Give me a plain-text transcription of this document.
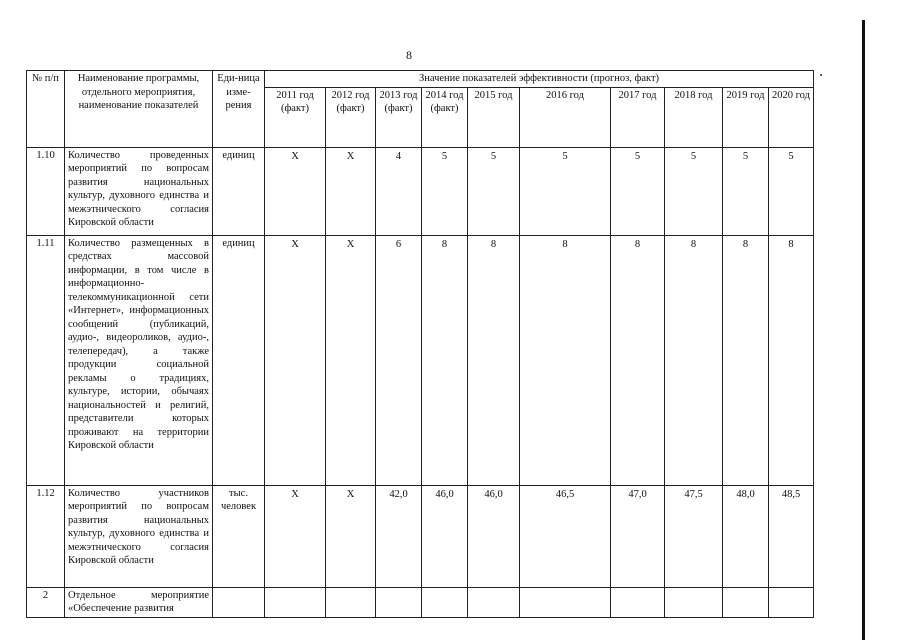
8
№ п/п	Наименование программы, отдельного мероприятия, наименование показателей	Еди-ница изме-рения	Значение показателей эффективности (прогноз, факт)									
			2011 год (факт)	2012 год (факт)	2013 год (факт)	2014 год (факт)	2015 год	2016 год	2017 год	2018 год	2019 год	2020 год
1.10	Количество проведенных мероприятий по вопросам развития национальных культур, духовного единства и межэтнического согласия Кировской области	единиц	Х	Х	4	5	5	5	5	5	5	5
1.11	Количество размещенных в средствах массовой информации, в том числе в информационно-телекоммуникационной сети «Интернет», информационных сообщений (публикаций, аудио-, видеороликов, аудио-, телепередач), а также продукции социальной рекламы о традициях, культуре, истории, обычаях национальностей и религий, представители которых проживают на территории Кировской области	единиц	Х	Х	6	8	8	8	8	8	8	8
1.12	Количество участников мероприятий по вопросам развития национальных культур, духовного единства и межэтнического согласия Кировской области	тыс. человек	Х	Х	42,0	46,0	46,0	46,5	47,0	47,5	48,0	48,5
2	Отдельное мероприятие «Обеспечение развития											
